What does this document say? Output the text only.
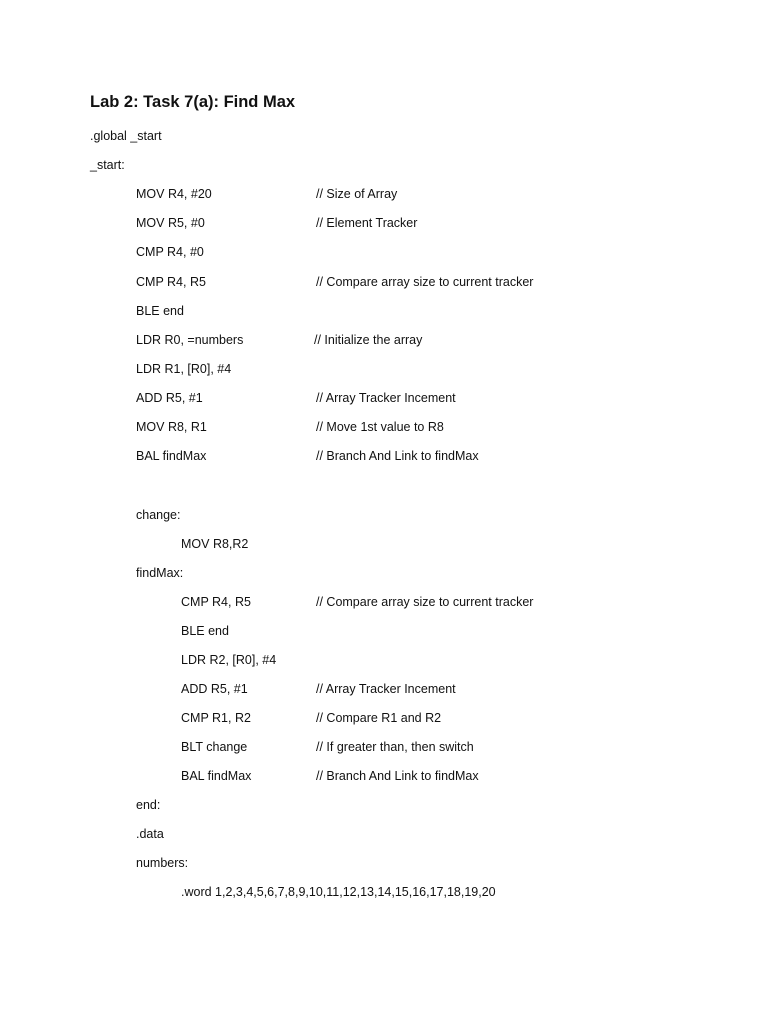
Lab 2: Task 7(a): Find Max
.global _start
_start:
MOV R4, #20	// Size of Array
MOV R5, #0	// Element Tracker
CMP R4, #0
CMP R4, R5	// Compare array size to current tracker
BLE end
LDR R0, =numbers	// Initialize the array
LDR R1, [R0], #4
ADD R5, #1	// Array Tracker Incement
MOV R8, R1	// Move 1st value to R8
BAL findMax	// Branch And Link to findMax
change:
MOV R8,R2
findMax:
CMP R4, R5	// Compare array size to current tracker
BLE end
LDR R2, [R0], #4
ADD R5, #1	// Array Tracker Incement
CMP R1, R2	// Compare R1 and R2
BLT change	// If greater than, then switch
BAL findMax	// Branch And Link to findMax
end:
.data
numbers:
.word 1,2,3,4,5,6,7,8,9,10,11,12,13,14,15,16,17,18,19,20
